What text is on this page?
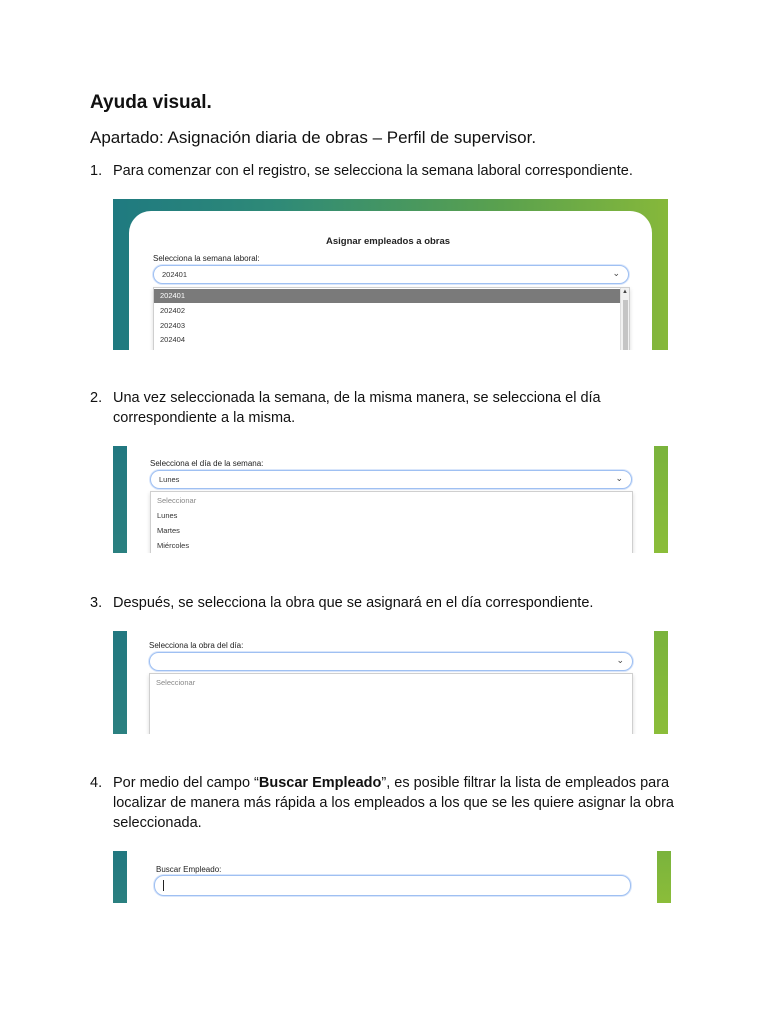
Ayuda visual.
Apartado: Asignación diaria de obras – Perfil de supervisor.
1. Para comenzar con el registro, se selecciona la semana laboral correspondiente.
Asignar empleados a obras
Selecciona la semana laboral:
202401	⌄
202401
202402
202403
202404
▲
2. Una vez seleccionada la semana, de la misma manera, se selecciona el día correspondiente a la misma.
Selecciona el día de la semana:
Lunes	⌄
Seleccionar
Lunes
Martes
Miércoles
3. Después, se selecciona la obra que se asignará en el día correspondiente.
Selecciona la obra del día:
⌄
Seleccionar
4. Por medio del campo “Buscar Empleado”, es posible filtrar la lista de empleados para localizar de manera más rápida a los empleados a los que se les quiere asignar la obra seleccionada.
Buscar Empleado:
